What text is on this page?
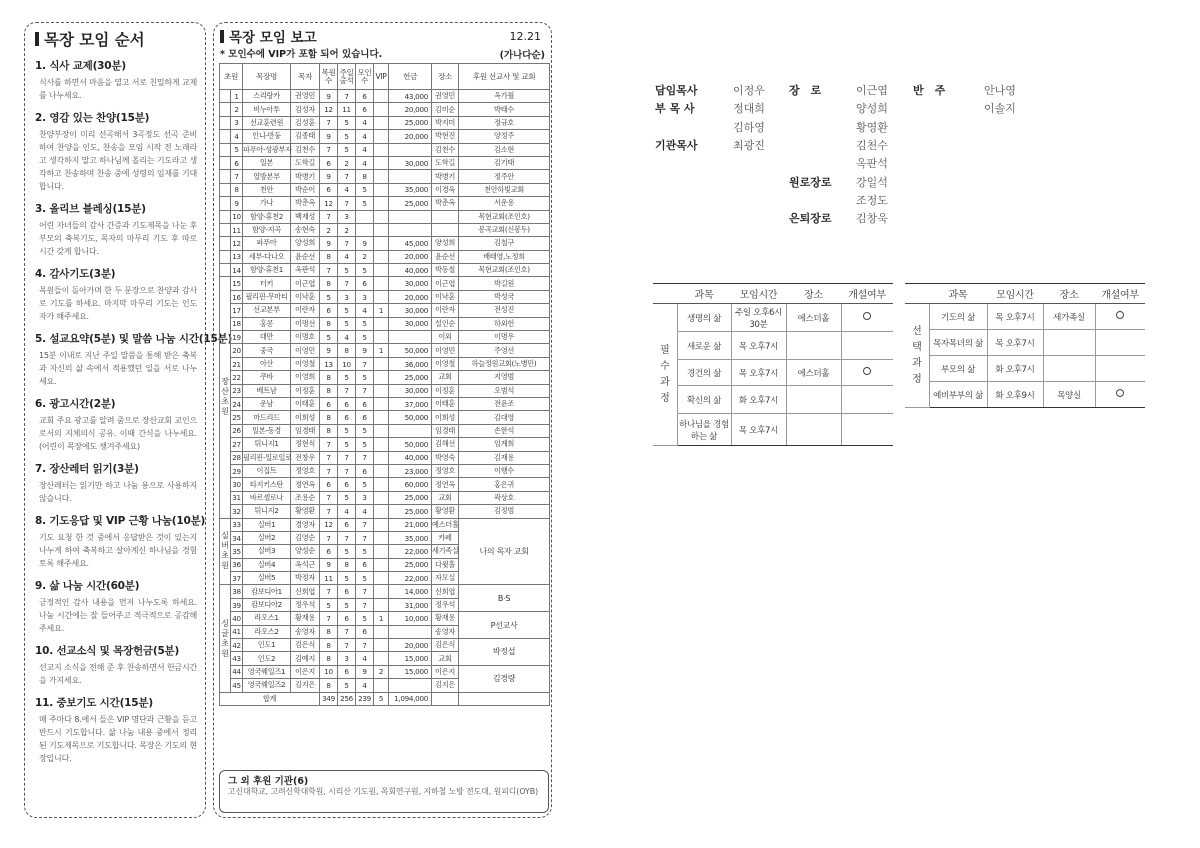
목장 모임 순서
1. 식사 교제(30분)
식사를 하면서 마음을 열고 서로 친밀하게 교제를 나누세요.
2. 영감 있는 찬양(15분)
찬양부장이 미리 선곡해서 3곡정도 선곡 준비하여 찬양을 인도, 찬송을 모임 시작 전 노래라고 생각하지 말고 하나님께 올리는 기도라고 생각하고 찬송하며 찬송 중에 성령의 임재를 기대합니다.
3. 올리브 블레싱(15분)
어린 자녀들의 감사 간증과 기도제목을 나눈 후 부모의 축복기도, 목자의 마무리 기도 후 따로 시간 갖게 합니다.
4. 감사기도(3분)
목원들이 돌아가며 한 두 문장으로 찬양과 감사로 기도를 하세요. 마지막 마무리 기도는 인도자가 해주세요.
5. 설교요약(5분) 및 말씀 나눔 시간(15분)
15분 이내로 지난 주일 말씀을 통해 받은 축복과 자신의 삶 속에서 적용했던 일을 서로 나누세요.
6. 광고시간(2분)
교회 주요 광고를 알려 줌으로 장산교회 교인으로서의 지체의식 공유. 이때 간식을 나누세요.(어린이 목장에도 챙겨주세요)
7. 장산레터 읽기(3분)
장산레터는 읽기만 하고 나눔 용으로 사용하지 않습니다.
8. 기도응답 및 VIP 근황 나눔(10분)
기도 요청 한 것 중에서 응답받은 것이 있는지 나누게 하여 축복하고 살아계신 하나님을 경험토록 해주세요.
9. 삶 나눔 시간(60분)
긍정적인 감사 내용을 먼저 나누도록 하세요. 나눔 시간에는 잘 들어주고 적극적으로 공감해 주세요.
10. 선교소식 및 목장헌금(5분)
선교지 소식을 전해 준 후 찬송하면서 헌금시간을 가지세요.
11. 중보기도 시간(15분)
매 주마다 8.에서 들은 VIP 명단과 근황을 듣고 반드시 기도합니다. 삶 나눔 내용 중에서 정리된 기도제목으로 기도합니다. 목장은 기도의 현장입니다.
목장 모임 보고	12.21
* 모인수에 VIP가 포함 되어 있습니다.	(가나다순)
초원		목장명	목자	목원수	주일출석	모인수	VIP	헌금	장소	후원 선교사 및 교회
	1	스리랑카	권영민	9	7	6		43,000	권영민	옥가월
	2	비누아투	김성자	12	11	6		20,000	김미순	박태수
	3	선교훈련원	김성훈	7	5	4		25,000	박지미	정규호
	4	인니-반둥	김종태	9	5	4		20,000	박현진	양정주
	5	파푸아-성광부자	김천수	7	5	4			김천수	김소현
	6	일본	도학길	6	2	4		30,000	도학길	김기태
	7	열방본부	박병기	9	7	8			박병기	정주안
	8	천안	박순이	6	4	5		35,000	이경옥	천안하빛교회
	9	가나	박춘옥	12	7	5		25,000	박춘옥	서운용
	10	함양-휴천2	백재성	7	3					목현교회(조인호)
	11	함양-지곡	송현숙	2	2					봉곡교회(신봉두)
	12	파푸아	양성희	9	7	9		45,000	양성희	김철구
	13	세부-다나오	윤순선	8	4	2		20,000	윤순선	배태영,노정희
	14	함양-휴천1	옥판석	7	5	5		40,000	박동철	목현교회(조인호)
장산초원	15	터키	이근엽	8	7	6		30,000	이근엽	박길원
	16	필리핀-무마티	이낙훈	5	3	3		20,000	이낙훈	박성국
	17	선교본부	이란자	6	5	4	1	30,000	이란자	전성진
	18	홍콩	이명선	8	5	5		30,000	설인순	하외헌
	19	대만	이명호	5	4	5			이외	이명우
	20	중국	이영민	9	8	9	1	50,000	이영민	주영선
	21	아산	이영철	13	10	7		36,000	이영철	하늘정원교회(노병민)
	22	쿠바	이영희	8	5	5		25,000	교회	지영범
	23	베트남	이정훈	8	7	7		30,000	이정훈	오범석
	24	운남	이태훈	6	6	6		37,000	이태훈	전윤조
	25	마드리드	이희성	8	6	6		50,000	이희성	김대영
	26	일본-동경	임경태	8	5	5			임경태	손한석
	27	튀니지1	정현식	7	5	5		50,000	김해선	임계희
	28	필리핀-일로일로	전창우	7	7	7		40,000	박영숙	김재용
	29	이집트	정영호	7	7	6		23,000	정영호	이행수
	30	타지키스탄	정연옥	6	6	5		60,000	정연옥	홍은귀
	31	바르셀로나	조용순	7	5	3		25,000	교회	곽상호
	32	튀니지2	황영환	7	4	4		25,000	황영환	김정범
실버초원	33	실버1	경영자	12	6	7		21,000	예스더홀	나의 목자 교회
	34	실버2	김영순	7	7	7		35,000	카페	
	35	실버3	양성순	6	5	5		22,000	세기족실	
	36	실버4	옥석근	9	8	6		25,000	다윗홀	
	37	실버5	박정자	11	5	5		22,000	자모실	
싱글초원	38	캄보디아1	신희엽	7	6	7		14,000	신희엽	B·S
	39	캄보디아2	정우석	5	5	7		31,000	정우석	
	40	라오스1	황재용	7	6	5	1	10,000	황재용	P선교사
	41	라오스2	송영자	8	7	6			송영자	
	42	인도1	김은식	8	7	7		20,000	김은식	박정섭
	43	인도2	김예지	8	3	4		15,000	교회	
	44	영국웨일즈1	이은지	10	6	9	2	15,000	이은지	김경량
	45	영국웨일즈2	김지은	8	5	4			김지은	
합계				349	256	239	5	1,094,000		
그 외 후원 기관(6)
고신대학교, 고려신학대학원, 시리산 기도원, 목회연구원, 지하철 노방 전도대, 원피디(OYB)
담임목사	이정우
부 목 사	정대희
김하영
기관목사	최광진
장　로	이근엽
양성희
황영환
김천수
옥판석
원로장로 강일석
조정도
은퇴장로 김창욱
반　주	안나영
이솔지
	과목	모임시간	장소	개설여부

필수과정	생명의 삶	주일 오후6시30분	에스더홀	
	새로운 삶	목 오후7시		
	경건의 삶	목 오후7시	에스더홀	
	확신의 삶	화 오후7시		
	하나님을 경험하는 삶	목 오후7시		
	과목	모임시간	장소	개설여부

선택과정	기도의 삶	목 오후7시	세가족실	
	목자목녀의 삶	목 오후7시		
	부모의 삶	화 오후7시		
	예비부부의 삶	화 오후9시	목양실	
